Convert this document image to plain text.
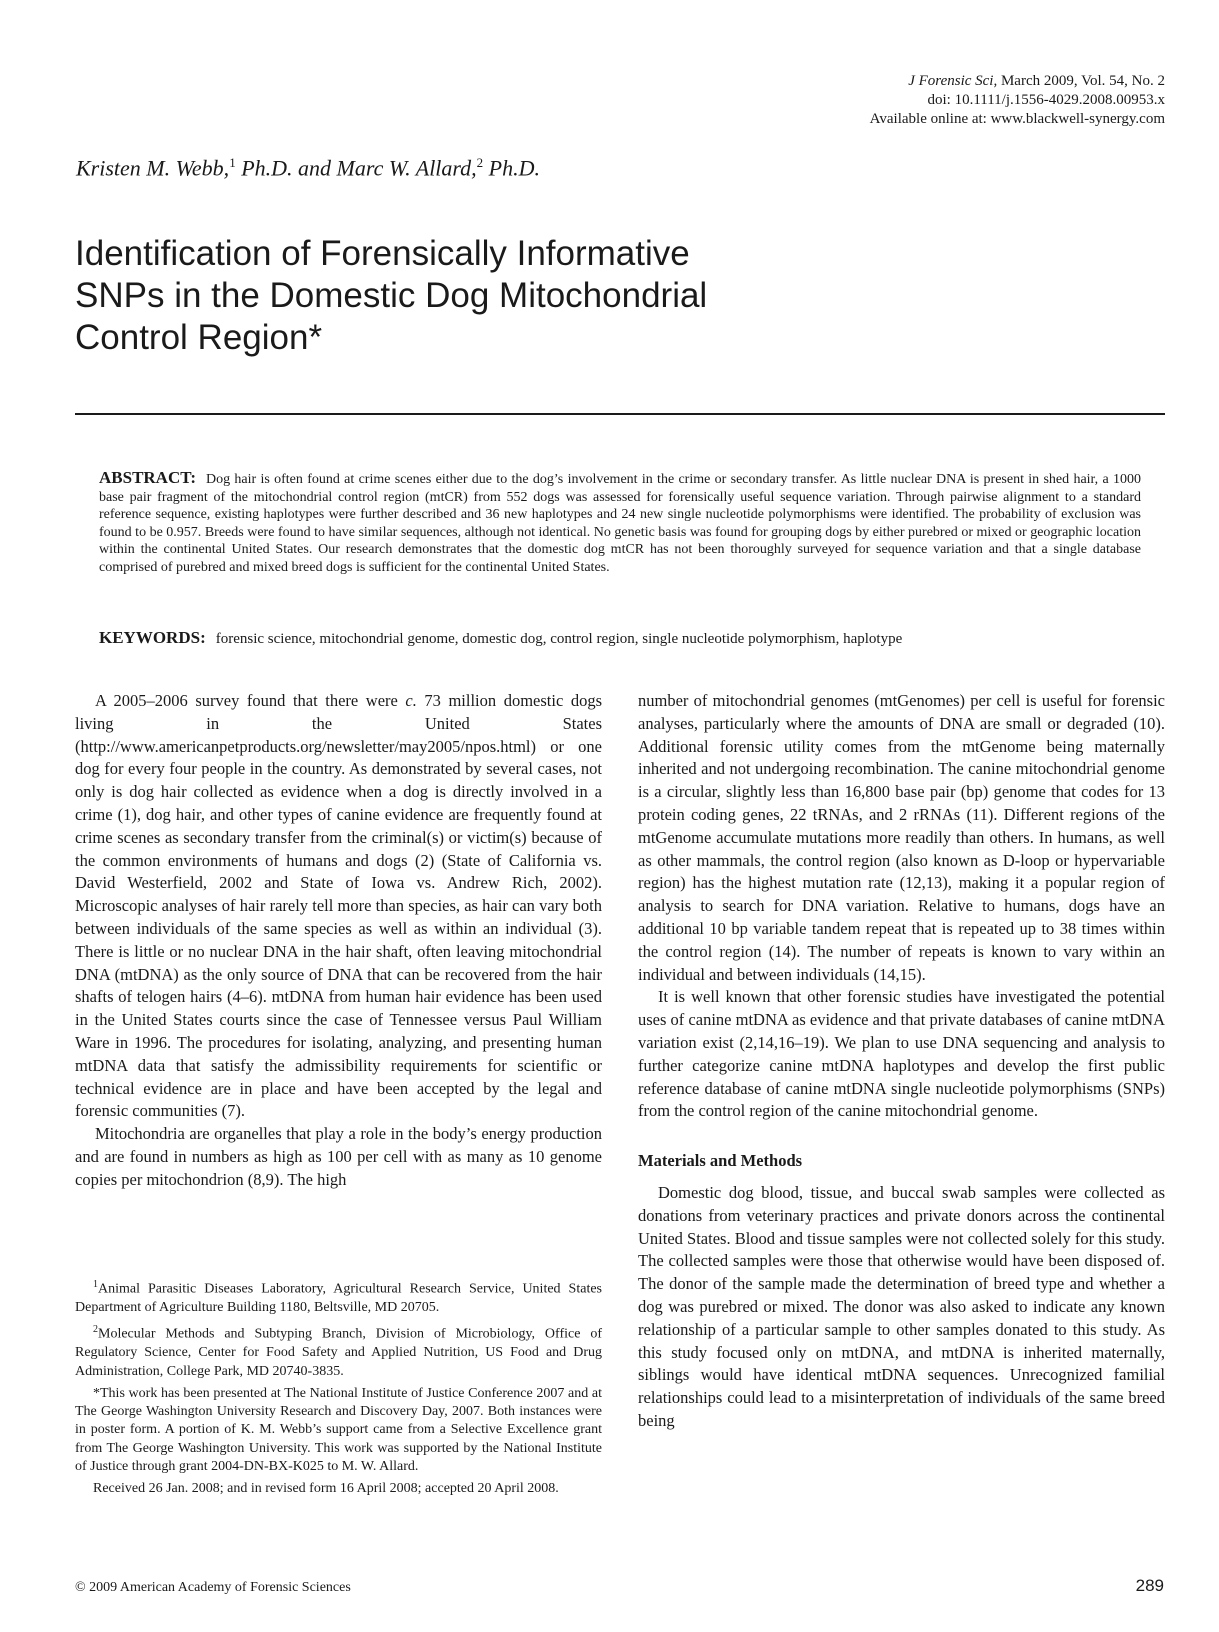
J Forensic Sci, March 2009, Vol. 54, No. 2
doi: 10.1111/j.1556-4029.2008.00953.x
Available online at: www.blackwell-synergy.com
Kristen M. Webb,$^1$ Ph.D. and Marc W. Allard,$^2$ Ph.D.
Identification of Forensically Informative
SNPs in the Domestic Dog Mitochondrial
Control Region*

ABSTRACT: Dog hair is often found at crime scenes either due to the dog’s involvement in the crime or secondary transfer. As little nuclear DNA is present in shed hair, a 1000 base pair fragment of the mitochondrial control region (mtCR) from 552 dogs was assessed for forensically useful sequence variation. Through pairwise alignment to a standard reference sequence, existing haplotypes were further described and 36 new haplotypes and 24 new single nucleotide polymorphisms were identified. The probability of exclusion was found to be 0.957. Breeds were found to have similar sequences, although not identical. No genetic basis was found for grouping dogs by either purebred or mixed or geographic location within the continental United States. Our research demonstrates that the domestic dog mtCR has not been thoroughly surveyed for sequence variation and that a single database comprised of purebred and mixed breed dogs is sufficient for the continental United States.

KEYWORDS: forensic science, mitochondrial genome, domestic dog, control region, single nucleotide polymorphism, haplotype

A 2005–2006 survey found that there were c. 73 million domestic dogs living in the United States (http://www.americanpetproducts.org/newsletter/may2005/npos.html) or one dog for every four people in the country. As demonstrated by several cases, not only is dog hair collected as evidence when a dog is directly involved in a crime (1), dog hair, and other types of canine evidence are frequently found at crime scenes as secondary transfer from the criminal(s) or victim(s) because of the common environments of humans and dogs (2) (State of California vs. David Westerfield, 2002 and State of Iowa vs. Andrew Rich, 2002). Microscopic analyses of hair rarely tell more than species, as hair can vary both between individuals of the same species as well as within an individual (3). There is little or no nuclear DNA in the hair shaft, often leaving mitochondrial DNA (mtDNA) as the only source of DNA that can be recovered from the hair shafts of telogen hairs (4–6). mtDNA from human hair evidence has been used in the United States courts since the case of Tennessee versus Paul William Ware in 1996. The procedures for isolating, analyzing, and presenting human mtDNA data that satisfy the admissibility requirements for scientific or technical evidence are in place and have been accepted by the legal and forensic communities (7).

Mitochondria are organelles that play a role in the body’s energy production and are found in numbers as high as 100 per cell with as many as 10 genome copies per mitochondrion (8,9). The high

$^1$Animal Parasitic Diseases Laboratory, Agricultural Research Service, United States Department of Agriculture Building 1180, Beltsville, MD 20705.

$^2$Molecular Methods and Subtyping Branch, Division of Microbiology, Office of Regulatory Science, Center for Food Safety and Applied Nutrition, US Food and Drug Administration, College Park, MD 20740-3835.

*This work has been presented at The National Institute of Justice Conference 2007 and at The George Washington University Research and Discovery Day, 2007. Both instances were in poster form. A portion of K. M. Webb’s support came from a Selective Excellence grant from The George Washington University. This work was supported by the National Institute of Justice through grant 2004-DN-BX-K025 to M. W. Allard.

Received 26 Jan. 2008; and in revised form 16 April 2008; accepted 20 April 2008.

number of mitochondrial genomes (mtGenomes) per cell is useful for forensic analyses, particularly where the amounts of DNA are small or degraded (10). Additional forensic utility comes from the mtGenome being maternally inherited and not undergoing recombination. The canine mitochondrial genome is a circular, slightly less than 16,800 base pair (bp) genome that codes for 13 protein coding genes, 22 tRNAs, and 2 rRNAs (11). Different regions of the mtGenome accumulate mutations more readily than others. In humans, as well as other mammals, the control region (also known as D-loop or hypervariable region) has the highest mutation rate (12,13), making it a popular region of analysis to search for DNA variation. Relative to humans, dogs have an additional 10 bp variable tandem repeat that is repeated up to 38 times within the control region (14). The number of repeats is known to vary within an individual and between individuals (14,15).

It is well known that other forensic studies have investigated the potential uses of canine mtDNA as evidence and that private databases of canine mtDNA variation exist (2,14,16–19). We plan to use DNA sequencing and analysis to further categorize canine mtDNA haplotypes and develop the first public reference database of canine mtDNA single nucleotide polymorphisms (SNPs) from the control region of the canine mitochondrial genome.

Materials and Methods

Domestic dog blood, tissue, and buccal swab samples were collected as donations from veterinary practices and private donors across the continental United States. Blood and tissue samples were not collected solely for this study. The collected samples were those that otherwise would have been disposed of. The donor of the sample made the determination of breed type and whether a dog was purebred or mixed. The donor was also asked to indicate any known relationship of a particular sample to other samples donated to this study. As this study focused only on mtDNA, and mtDNA is inherited maternally, siblings would have identical mtDNA sequences. Unrecognized familial relationships could lead to a misinterpretation of individuals of the same breed being

© 2009 American Academy of Forensic Sciences	289
